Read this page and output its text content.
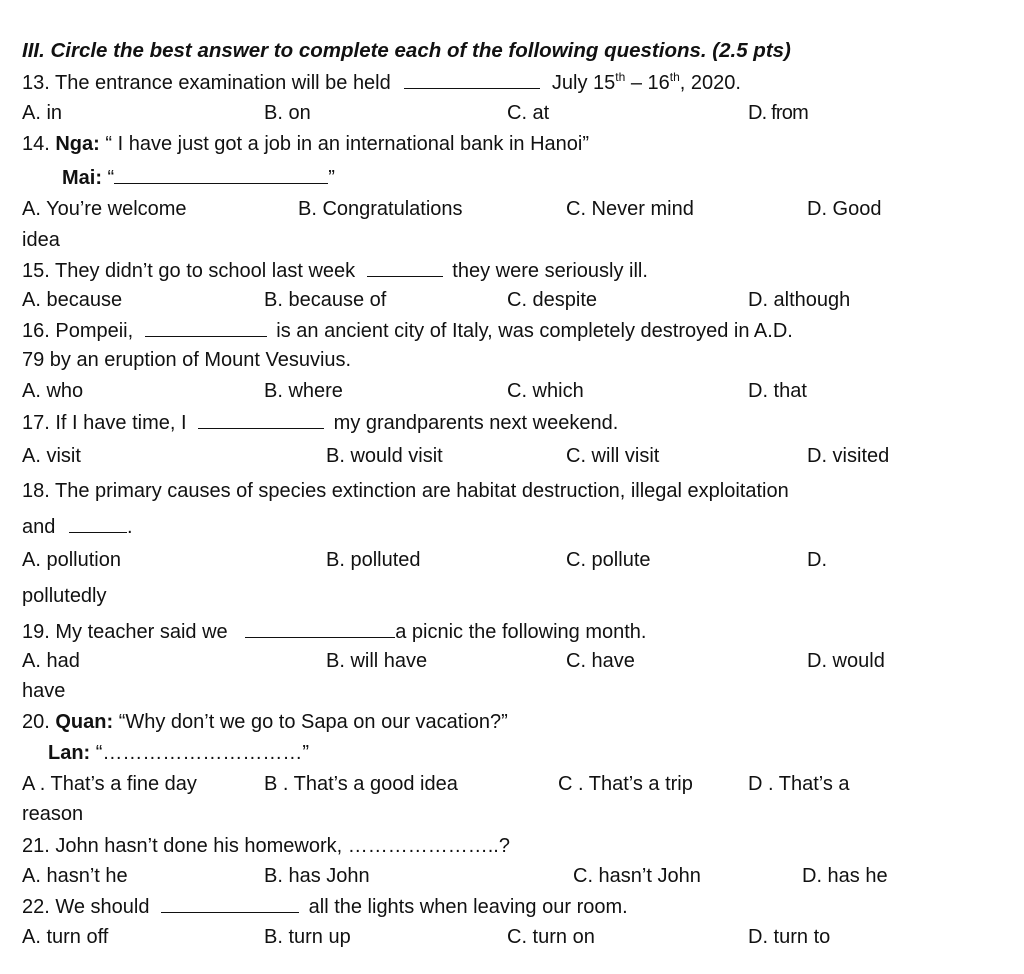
III. Circle the best answer to complete each of the following questions. (2.5 pts)
13. The entrance examination will be held	July 15th – 16th, 2020.
A. in	B. on	C. at	D. from
14. Nga: “ I have just got a job in an international bank in Hanoi”
Mai: “	”
A. You’re welcome	B. Congratulations	C. Never mind	D. Good
idea
15. They didn’t go to school last week	they were seriously ill.
A. because	B. because of	C. despite	D. although
16. Pompeii,	is an ancient city of Italy, was completely destroyed in A.D.
79 by an eruption of Mount Vesuvius.
A. who	B. where	C. which	D. that
17. If I have time, I	my grandparents next weekend.
A. visit	B. would visit	C. will visit	D. visited
18. The primary causes of species extinction are habitat destruction, illegal exploitation
and	.
A. pollution	B. polluted	C. pollute	D.
pollutedly
19. My teacher said we	a picnic the following month.
A. had	B. will have	C. have	D. would
have
20. Quan: “Why don’t we go to Sapa on our vacation?”
Lan: “…………………………”
A . That’s a fine day	B . That’s a good idea	C . That’s a trip	D . That’s a
reason
21. John hasn’t done his homework, …………………..?
A. hasn’t he	B. has John	C. hasn’t John	D. has he
22. We should	all the lights when leaving our room.
A. turn off	B. turn up	C. turn on	D. turn to
